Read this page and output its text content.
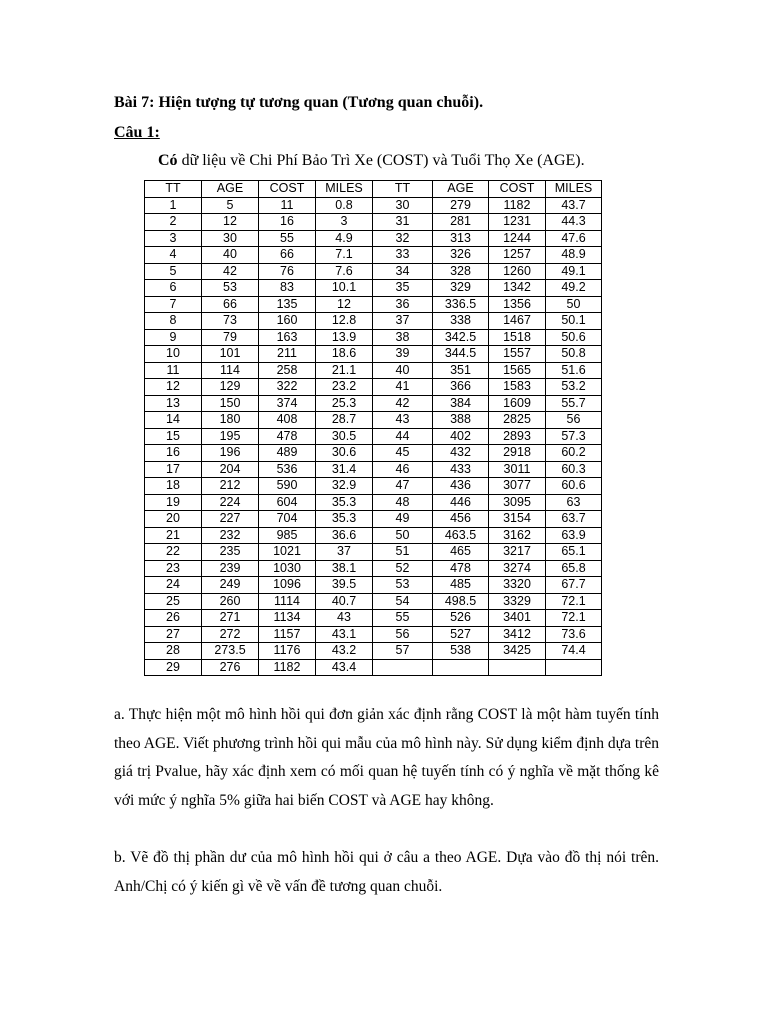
Bài 7: Hiện tượng tự tương quan (Tương quan chuỗi).
Câu 1:
Có dữ liệu về Chi Phí Bảo Trì Xe (COST) và Tuổi Thọ Xe (AGE).
TT	AGE	COST	MILES	TT	AGE	COST	MILES
1	5	11	0.8	30	279	1182	43.7
2	12	16	3	31	281	1231	44.3
3	30	55	4.9	32	313	1244	47.6
4	40	66	7.1	33	326	1257	48.9
5	42	76	7.6	34	328	1260	49.1
6	53	83	10.1	35	329	1342	49.2
7	66	135	12	36	336.5	1356	50
8	73	160	12.8	37	338	1467	50.1
9	79	163	13.9	38	342.5	1518	50.6
10	101	211	18.6	39	344.5	1557	50.8
11	114	258	21.1	40	351	1565	51.6
12	129	322	23.2	41	366	1583	53.2
13	150	374	25.3	42	384	1609	55.7
14	180	408	28.7	43	388	2825	56
15	195	478	30.5	44	402	2893	57.3
16	196	489	30.6	45	432	2918	60.2
17	204	536	31.4	46	433	3011	60.3
18	212	590	32.9	47	436	3077	60.6
19	224	604	35.3	48	446	3095	63
20	227	704	35.3	49	456	3154	63.7
21	232	985	36.6	50	463.5	3162	63.9
22	235	1021	37	51	465	3217	65.1
23	239	1030	38.1	52	478	3274	65.8
24	249	1096	39.5	53	485	3320	67.7
25	260	1114	40.7	54	498.5	3329	72.1
26	271	1134	43	55	526	3401	72.1
27	272	1157	43.1	56	527	3412	73.6
28	273.5	1176	43.2	57	538	3425	74.4
29	276	1182	43.4				
a. Thực hiện một mô hình hồi qui đơn giản xác định rằng COST là một hàm tuyến tính theo AGE. Viết phương trình hồi qui mẫu của mô hình này. Sử dụng kiểm định dựa trên giá trị Pvalue, hãy xác định xem có mối quan hệ tuyến tính có ý nghĩa về mặt thống kê với mức ý nghĩa 5% giữa hai biến COST và AGE hay không.
b. Vẽ đồ thị phần dư của mô hình hồi qui ở câu a theo AGE. Dựa vào đồ thị nói trên. Anh/Chị có ý kiến gì về về vấn đề tương quan chuỗi.
